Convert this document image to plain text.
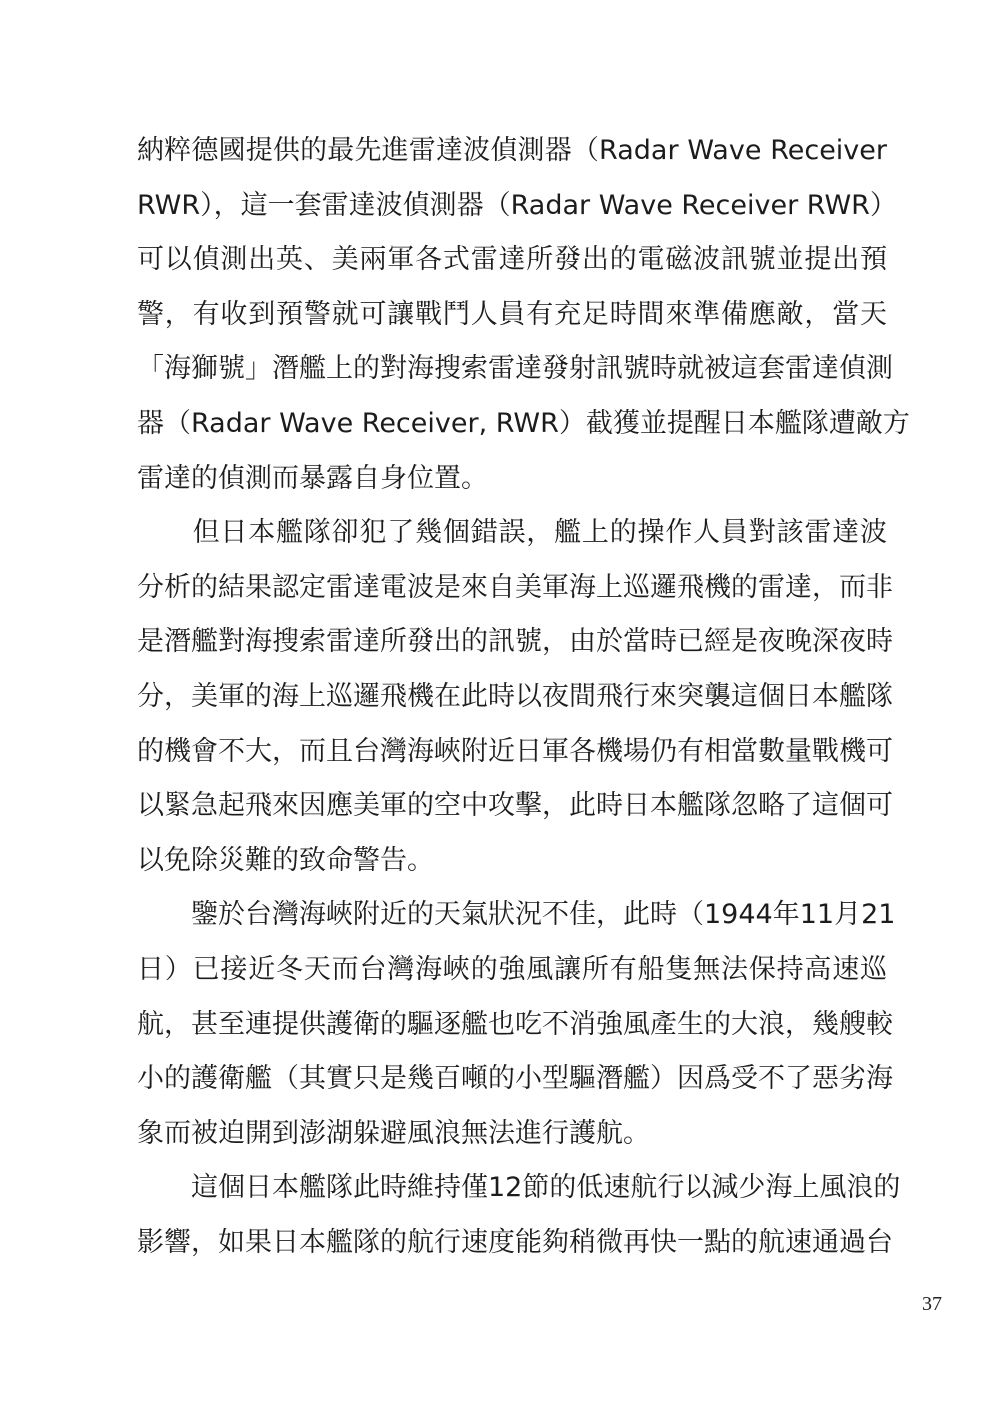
納粹德國提供的最先進雷達波偵測器（Radar Wave Receiver
RWR），這一套雷達波偵測器（Radar Wave Receiver RWR）
可以偵測出英、美兩軍各式雷達所發出的電磁波訊號並提出預
警，有收到預警就可讓戰鬥人員有充足時間來準備應敵，當天
「海獅號」潛艦上的對海搜索雷達發射訊號時就被這套雷達偵測
器（Radar Wave Receiver, RWR）截獲並提醒日本艦隊遭敵方
雷達的偵測而暴露自身位置。
　　但日本艦隊卻犯了幾個錯誤，艦上的操作人員對該雷達波
分析的結果認定雷達電波是來自美軍海上巡邏飛機的雷達，而非
是潛艦對海搜索雷達所發出的訊號，由於當時已經是夜晚深夜時
分，美軍的海上巡邏飛機在此時以夜間飛行來突襲這個日本艦隊
的機會不大，而且台灣海峽附近日軍各機場仍有相當數量戰機可
以緊急起飛來因應美軍的空中攻擊，此時日本艦隊忽略了這個可
以免除災難的致命警告。
　　鑒於台灣海峽附近的天氣狀況不佳，此時（1944年11月21
日）已接近冬天而台灣海峽的強風讓所有船隻無法保持高速巡
航，甚至連提供護衛的驅逐艦也吃不消強風產生的大浪，幾艘較
小的護衛艦（其實只是幾百噸的小型驅潛艦）因爲受不了惡劣海
象而被迫開到澎湖躲避風浪無法進行護航。
　　這個日本艦隊此時維持僅12節的低速航行以減少海上風浪的
影響，如果日本艦隊的航行速度能夠稍微再快一點的航速通過台
37
